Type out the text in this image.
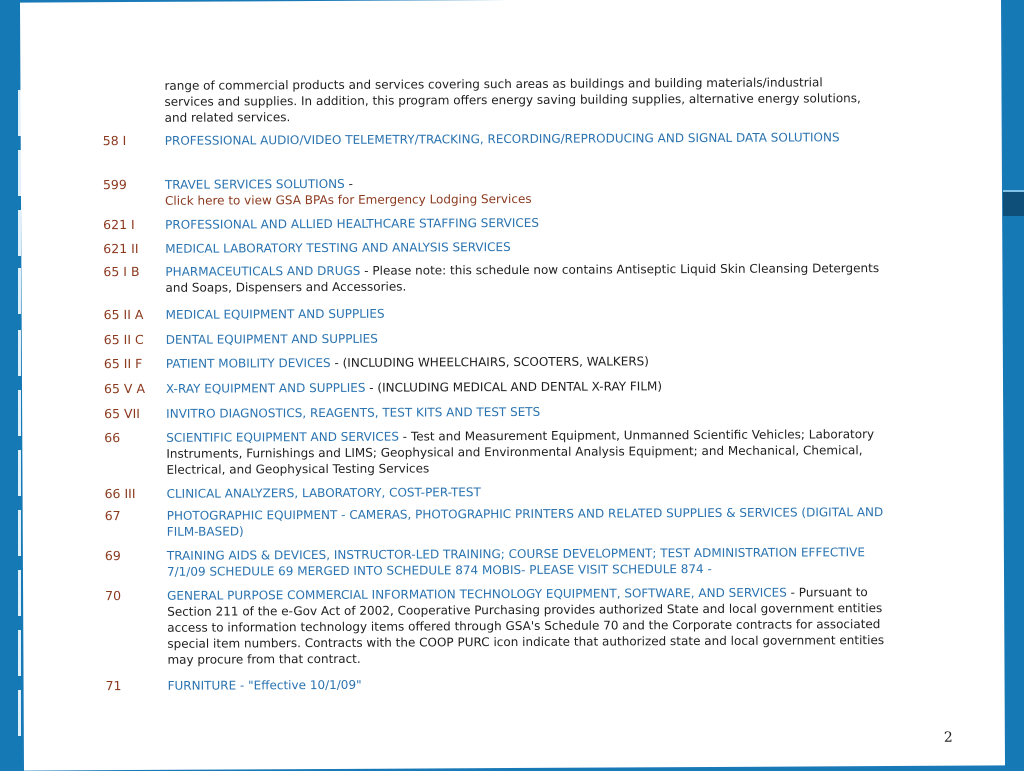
range of commercial products and services covering such areas as buildings and building materials/industrial services and supplies. In addition, this program offers energy saving building supplies, alternative energy solutions, and related services.
58 I	PROFESSIONAL AUDIO/VIDEO TELEMETRY/TRACKING, RECORDING/REPRODUCING AND SIGNAL DATA SOLUTIONS
599	TRAVEL SERVICES SOLUTIONS -
Click here to view GSA BPAs for Emergency Lodging Services
621 I	PROFESSIONAL AND ALLIED HEALTHCARE STAFFING SERVICES
621 II	MEDICAL LABORATORY TESTING AND ANALYSIS SERVICES
65 I B	PHARMACEUTICALS AND DRUGS - Please note: this schedule now contains Antiseptic Liquid Skin Cleansing Detergents and Soaps, Dispensers and Accessories.
65 II A	MEDICAL EQUIPMENT AND SUPPLIES
65 II C	DENTAL EQUIPMENT AND SUPPLIES
65 II F	PATIENT MOBILITY DEVICES - (INCLUDING WHEELCHAIRS, SCOOTERS, WALKERS)
65 V A	X-RAY EQUIPMENT AND SUPPLIES - (INCLUDING MEDICAL AND DENTAL X-RAY FILM)
65 VII	INVITRO DIAGNOSTICS, REAGENTS, TEST KITS AND TEST SETS
66	SCIENTIFIC EQUIPMENT AND SERVICES - Test and Measurement Equipment, Unmanned Scientific Vehicles; Laboratory Instruments, Furnishings and LIMS; Geophysical and Environmental Analysis Equipment; and Mechanical, Chemical, Electrical, and Geophysical Testing Services
66 III	CLINICAL ANALYZERS, LABORATORY, COST-PER-TEST
67	PHOTOGRAPHIC EQUIPMENT - CAMERAS, PHOTOGRAPHIC PRINTERS AND RELATED SUPPLIES & SERVICES (DIGITAL AND FILM-BASED)
69	TRAINING AIDS & DEVICES, INSTRUCTOR-LED TRAINING; COURSE DEVELOPMENT; TEST ADMINISTRATION EFFECTIVE 7/1/09 SCHEDULE 69 MERGED INTO SCHEDULE 874 MOBIS- PLEASE VISIT SCHEDULE 874 -
70	GENERAL PURPOSE COMMERCIAL INFORMATION TECHNOLOGY EQUIPMENT, SOFTWARE, AND SERVICES - Pursuant to Section 211 of the e-Gov Act of 2002, Cooperative Purchasing provides authorized State and local government entities access to information technology items offered through GSA's Schedule 70 and the Corporate contracts for associated special item numbers. Contracts with the COOP PURC icon indicate that authorized state and local government entities may procure from that contract.
71	FURNITURE - "Effective 10/1/09"
2
